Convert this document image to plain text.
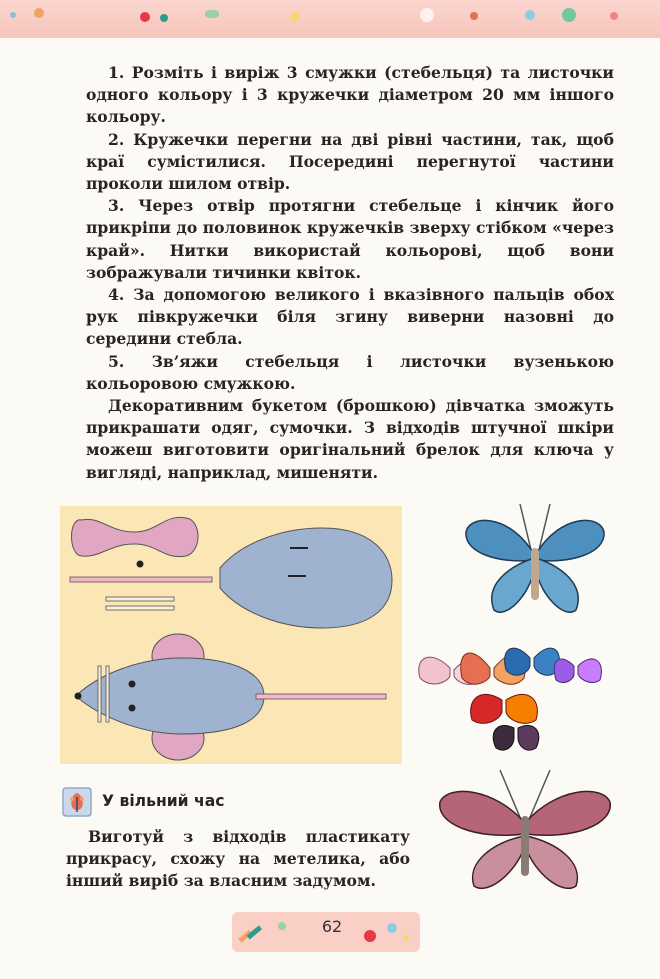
1. Розміть і виріж 3 смужки (стебельця) та листочки одного кольору і 3 кружечки діаметром 20 мм іншого кольору.

2. Кружечки перегни на дві рівні частини, так, щоб краї сумістилися. Посередині перегнутої частини проколи шилом отвір.

3. Через отвір протягни стебельце і кінчик його прикріпи до половинок кружечків зверху стібком «через край». Нитки використай кольорові, щоб вони зображували тичинки квіток.

4. За допомогою великого і вказівного пальців обох рук півкружечки біля згину виверни назовні до середини стебла.

5. Зв’яжи стебельця і листочки вузенькою кольоровою смужкою.

Декоративним букетом (брошкою) дівчатка зможуть прикрашати одяг, сумочки. З відходів штучної шкіри можеш виготовити оригінальний брелок для ключа у вигляді, наприклад, мишеняти.

У вільний час

Виготуй з відходів пластикату прикрасу, схожу на метелика, або інший виріб за власним задумом.

62
